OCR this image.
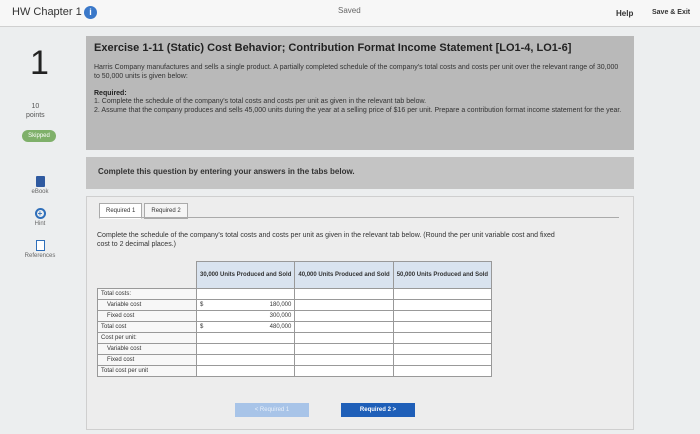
HW Chapter 1 i	Saved	Help	Save & Exit
1
10
points
Skipped
eBook
+
Hint
References
Exercise 1-11 (Static) Cost Behavior; Contribution Format Income Statement [LO1-4, LO1-6]
Harris Company manufactures and sells a single product. A partially completed schedule of the company's total costs and costs per unit over the relevant range of 30,000 to 50,000 units is given below:
Required:
1. Complete the schedule of the company's total costs and costs per unit as given in the relevant tab below.
2. Assume that the company produces and sells 45,000 units during the year at a selling price of $16 per unit. Prepare a contribution format income statement for the year.
Complete this question by entering your answers in the tabs below.
Required 1	Required 2
Complete the schedule of the company's total costs and costs per unit as given in the relevant tab below. (Round the per unit variable cost and fixed cost to 2 decimal places.)
	30,000 Units Produced and Sold	40,000 Units Produced and Sold	50,000 Units Produced and Sold
Total costs:			
Variable cost	$ 180,000		

Fixed cost	300,000		

Total cost	$ 480,000		

Cost per unit:			
Variable cost			
Fixed cost			
Total cost per unit			
< Required 1	Required 2 >
